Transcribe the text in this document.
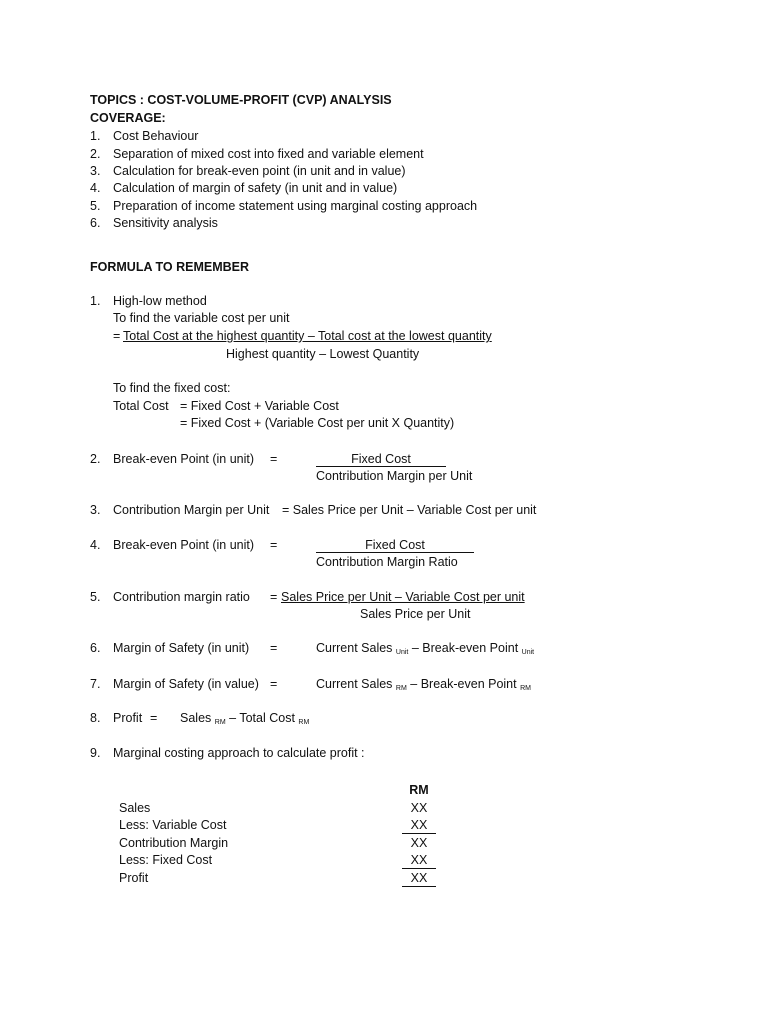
TOPICS : COST-VOLUME-PROFIT (CVP) ANALYSIS
COVERAGE:
1. Cost Behaviour
2. Separation of mixed cost into fixed and variable element
3. Calculation for break-even point (in unit and in value)
4. Calculation of margin of safety (in unit and in value)
5. Preparation of income statement using marginal costing approach
6. Sensitivity analysis
FORMULA TO REMEMBER
1. High-low method
To find the variable cost per unit
= Total Cost at the highest quantity – Total cost at the lowest quantity
Highest quantity – Lowest Quantity
To find the fixed cost:
Total Cost = Fixed Cost + Variable Cost
= Fixed Cost + (Variable Cost per unit X Quantity)
2. Break-even Point (in unit) =	Fixed Cost
Contribution Margin per Unit
3. Contribution Margin per Unit = Sales Price per Unit – Variable Cost per unit
4. Break-even Point (in unit) =	Fixed Cost
Contribution Margin Ratio
5. Contribution margin ratio = Sales Price per Unit – Variable Cost per unit
Sales Price per Unit
6. Margin of Safety (in unit) =	Current Sales $_{Unit}$ – Break-even Point $_{Unit}$
7. Margin of Safety (in value) =	Current Sales $_{RM}$ – Break-even Point $_{RM}$
8. Profit = Sales $_{RM}$ – Total Cost $_{RM}$
9. Marginal costing approach to calculate profit :
RM
Sales	XX
Less: Variable Cost	XX
Contribution Margin	XX
Less: Fixed Cost	XX
Profit	XX
